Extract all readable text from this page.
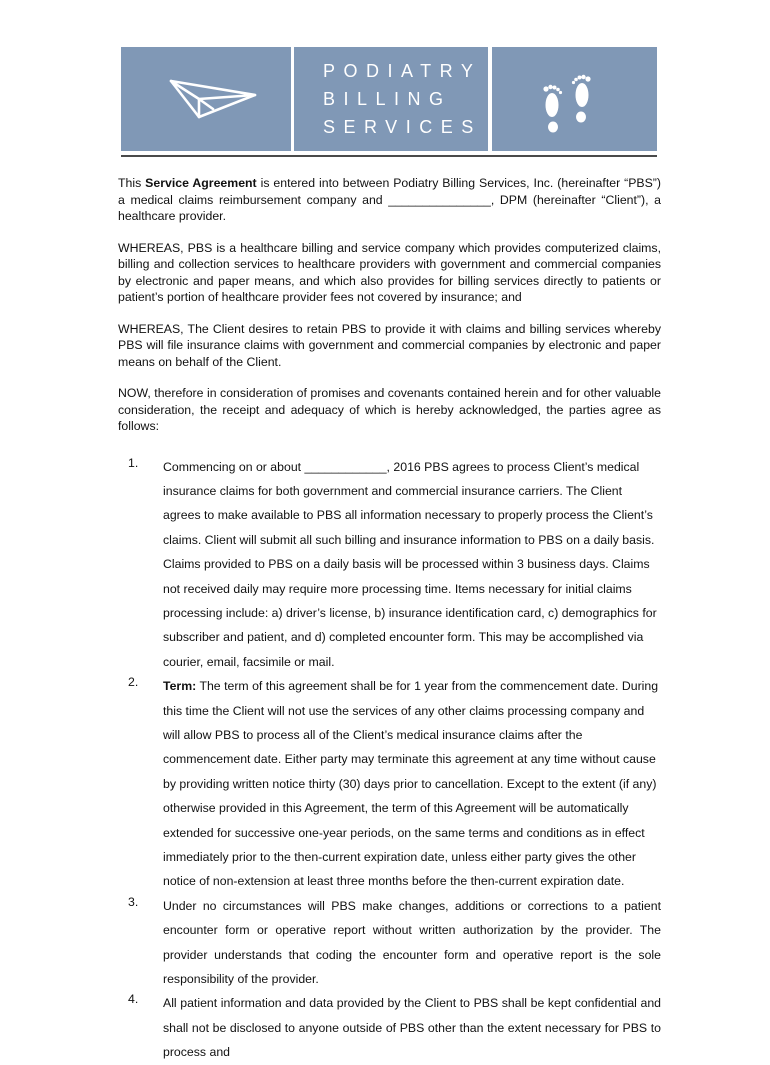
PODIATRY
BILLING
SERVICES

This Service Agreement is entered into between Podiatry Billing Services, Inc. (hereinafter “PBS”) a medical claims reimbursement company and _______________, DPM (hereinafter “Client”), a healthcare provider.

WHEREAS, PBS is a healthcare billing and service company which provides computerized claims, billing and collection services to healthcare providers with government and commercial companies by electronic and paper means, and which also provides for billing services directly to patients or patient’s portion of healthcare provider fees not covered by insurance; and

WHEREAS, The Client desires to retain PBS to provide it with claims and billing services whereby PBS will file insurance claims with government and commercial companies by electronic and paper means on behalf of the Client.

NOW, therefore in consideration of promises and covenants contained herein and for other valuable consideration, the receipt and adequacy of which is hereby acknowledged, the parties agree as follows:

1. Commencing on or about ____________, 2016 PBS agrees to process Client’s medical insurance claims for both government and commercial insurance carriers. The Client agrees to make available to PBS all information necessary to properly process the Client’s claims. Client will submit all such billing and insurance information to PBS on a daily basis. Claims provided to PBS on a daily basis will be processed within 3 business days. Claims not received daily may require more processing time. Items necessary for initial claims processing include: a) driver’s license, b) insurance identification card, c) demographics for subscriber and patient, and d) completed encounter form. This may be accomplished via courier, email, facsimile or mail.
2. Term: The term of this agreement shall be for 1 year from the commencement date. During this time the Client will not use the services of any other claims processing company and will allow PBS to process all of the Client’s medical insurance claims after the commencement date. Either party may terminate this agreement at any time without cause by providing written notice thirty (30) days prior to cancellation. Except to the extent (if any) otherwise provided in this Agreement, the term of this Agreement will be automatically extended for successive one-year periods, on the same terms and conditions as in effect immediately prior to the then-current expiration date, unless either party gives the other notice of non-extension at least three months before the then-current expiration date.
3. Under no circumstances will PBS make changes, additions or corrections to a patient encounter form or operative report without written authorization by the provider. The provider understands that coding the encounter form and operative report is the sole responsibility of the provider.
4. All patient information and data provided by the Client to PBS shall be kept confidential and shall not be disclosed to anyone outside of PBS other than the extent necessary for PBS to process and
